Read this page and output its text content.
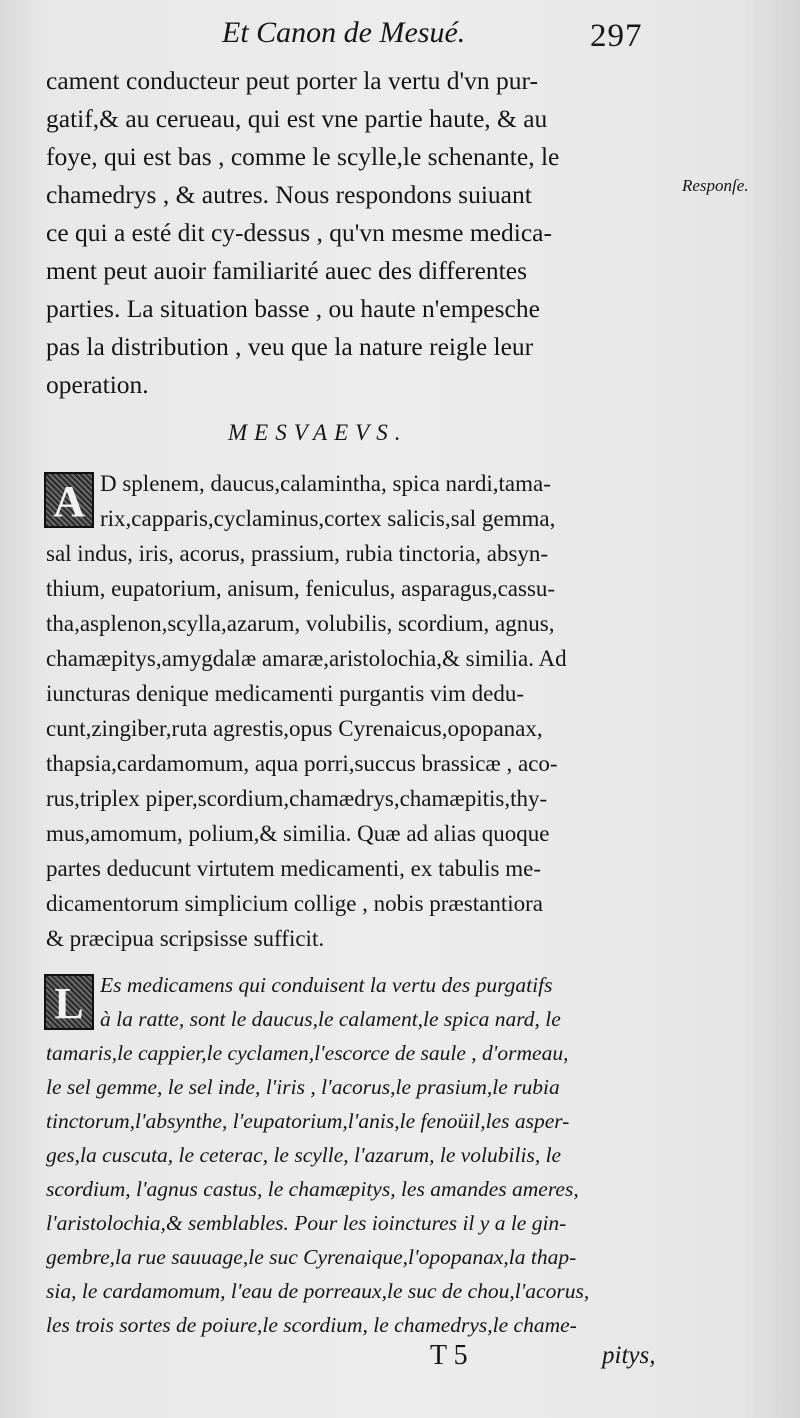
Et Canon de Mesué.	297
cament conducteur peut porter la vertu d'vn pur-
gatif,& au cerueau, qui est vne partie haute, & au
foye, qui est bas , comme le scylle,le schenante, le
chamedrys , & autres. Nous respondons suiuant
ce qui a esté dit cy-dessus , qu'vn mesme medica-
ment peut auoir familiarité auec des differentes
parties. La situation basse , ou haute n'empesche
pas la distribution , veu que la nature reigle leur
operation.
Responſe.
MESVAEVS.
A D splenem, daucus,calamintha, spica nardi,tama-
rix,capparis,cyclaminus,cortex salicis,sal gemma,
sal indus, iris, acorus, prassium, rubia tinctoria, absyn-
thium, eupatorium, anisum, feniculus, asparagus,cassu-
tha,asplenon,scylla,azarum, volubilis, scordium, agnus,
chamæpitys,amygdalæ amaræ,aristolochia,& similia. Ad
iuncturas denique medicamenti purgantis vim dedu-
cunt,zingiber,ruta agrestis,opus Cyrenaicus,opopanax,
thapsia,cardamomum, aqua porri,succus brassicæ , aco-
rus,triplex piper,scordium,chamædrys,chamæpitis,thy-
mus,amomum, polium,& similia. Quæ ad alias quoque
partes deducunt virtutem medicamenti, ex tabulis me-
dicamentorum simplicium collige , nobis præstantiora
& præcipua scripsisse sufficit.
L Es medicamens qui conduisent la vertu des purgatifs
à la ratte, sont le daucus,le calament,le spica nard, le
tamaris,le cappier,le cyclamen,l'escorce de saule , d'ormeau,
le sel gemme, le sel inde, l'iris , l'acorus,le prasium,le rubia
tinctorum,l'absynthe, l'eupatorium,l'anis,le fenoüil,les asper-
ges,la cuscuta, le ceterac, le scylle, l'azarum, le volubilis, le
scordium, l'agnus castus, le chamæpitys, les amandes ameres,
l'aristolochia,& semblables. Pour les ioinctures il y a le gin-
gembre,la rue sauuage,le suc Cyrenaique,l'opopanax,la thap-
sia, le cardamomum, l'eau de porreaux,le suc de chou,l'acorus,
les trois sortes de poiure,le scordium, le chamedrys,le chame-
T 5	pitys,
